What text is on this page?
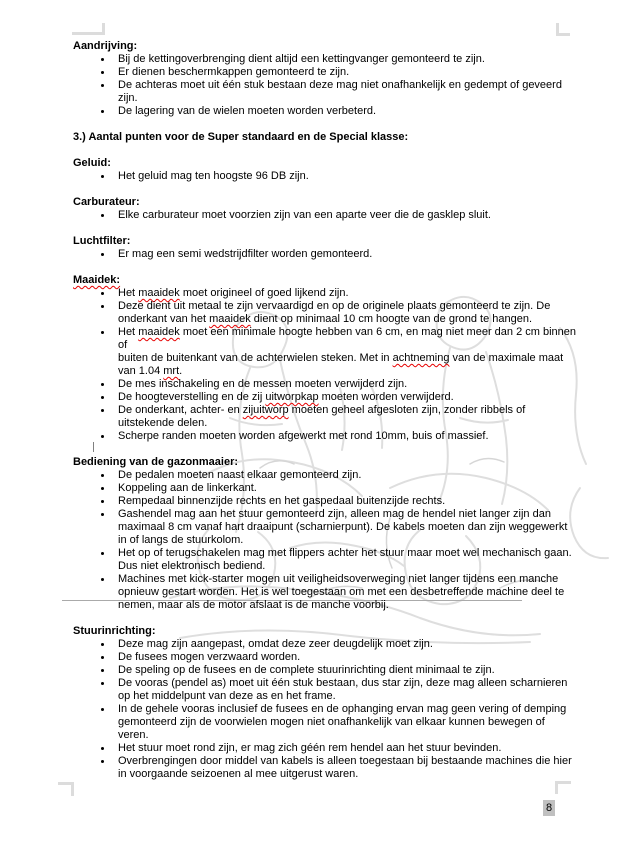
Aandrijving:
Bij de kettingoverbrenging dient altijd een kettingvanger gemonteerd te zijn.
Er dienen beschermkappen gemonteerd te zijn.
De achteras moet uit één stuk bestaan deze mag niet onafhankelijk en gedempt of geveerd
zijn.
De lagering van de wielen moeten worden verbeterd.
3.) Aantal punten voor de Super standaard en de Special klasse:
Geluid:
Het geluid mag ten hoogste 96 DB zijn.
Carburateur:
Elke carburateur moet voorzien zijn van een aparte veer die de gasklep sluit.
Luchtfilter:
Er mag een semi wedstrijdfilter worden gemonteerd.
Maaidek:
Het maaidek moet origineel of goed lijkend zijn.
Deze dient uit metaal te zijn vervaardigd en op de originele plaats gemonteerd te zijn. De
onderkant van het maaidek dient op minimaal 10 cm hoogte van de grond te hangen.
Het maaidek moet een minimale hoogte hebben van 6 cm, en mag niet meer dan 2 cm binnen
of
buiten de buitenkant van de achterwielen steken. Met in achtneming van de maximale maat
van 1.04 mrt.
De mes inschakeling en de messen moeten verwijderd zijn.
De hoogteverstelling en de zij uitworpkap moeten worden verwijderd.
De onderkant, achter- en zijuitworp moeten geheel afgesloten zijn, zonder ribbels of
uitstekende delen.
Scherpe randen moeten worden afgewerkt met rond 10mm, buis of massief.
Bediening van de gazonmaaier:
De pedalen moeten naast elkaar gemonteerd zijn.
Koppeling aan de linkerkant.
Rempedaal binnenzijde rechts en het gaspedaal buitenzijde rechts.
Gashendel mag aan het stuur gemonteerd zijn, alleen mag de hendel niet langer zijn dan
maximaal 8 cm vanaf hart draaipunt (scharnierpunt). De kabels moeten dan zijn weggewerkt
in of langs de stuurkolom.
Het op of terugschakelen mag met flippers achter het stuur maar moet wel mechanisch gaan.
Dus niet elektronisch bediend.
Machines met kick-starter mogen uit veiligheidsoverweging niet langer tijdens een manche
opnieuw gestart worden. Het is wel toegestaan om met een desbetreffende machine deel te
nemen, maar als de motor afslaat is de manche voorbij.
Stuurinrichting:
Deze mag zijn aangepast, omdat deze zeer deugdelijk moet zijn.
De fusees mogen verzwaard worden.
De speling op de fusees en de complete stuurinrichting dient minimaal te zijn.
De vooras (pendel as) moet uit één stuk bestaan, dus star zijn, deze mag alleen scharnieren
op het middelpunt van deze as en het frame.
In de gehele vooras inclusief de fusees en de ophanging ervan mag geen vering of demping
gemonteerd zijn de voorwielen mogen niet onafhankelijk van elkaar kunnen bewegen of
veren.
Het stuur moet rond zijn, er mag zich géén rem hendel aan het stuur bevinden.
Overbrengingen door middel van kabels is alleen toegestaan bij bestaande machines die hier
in voorgaande seizoenen al mee uitgerust waren.
8
